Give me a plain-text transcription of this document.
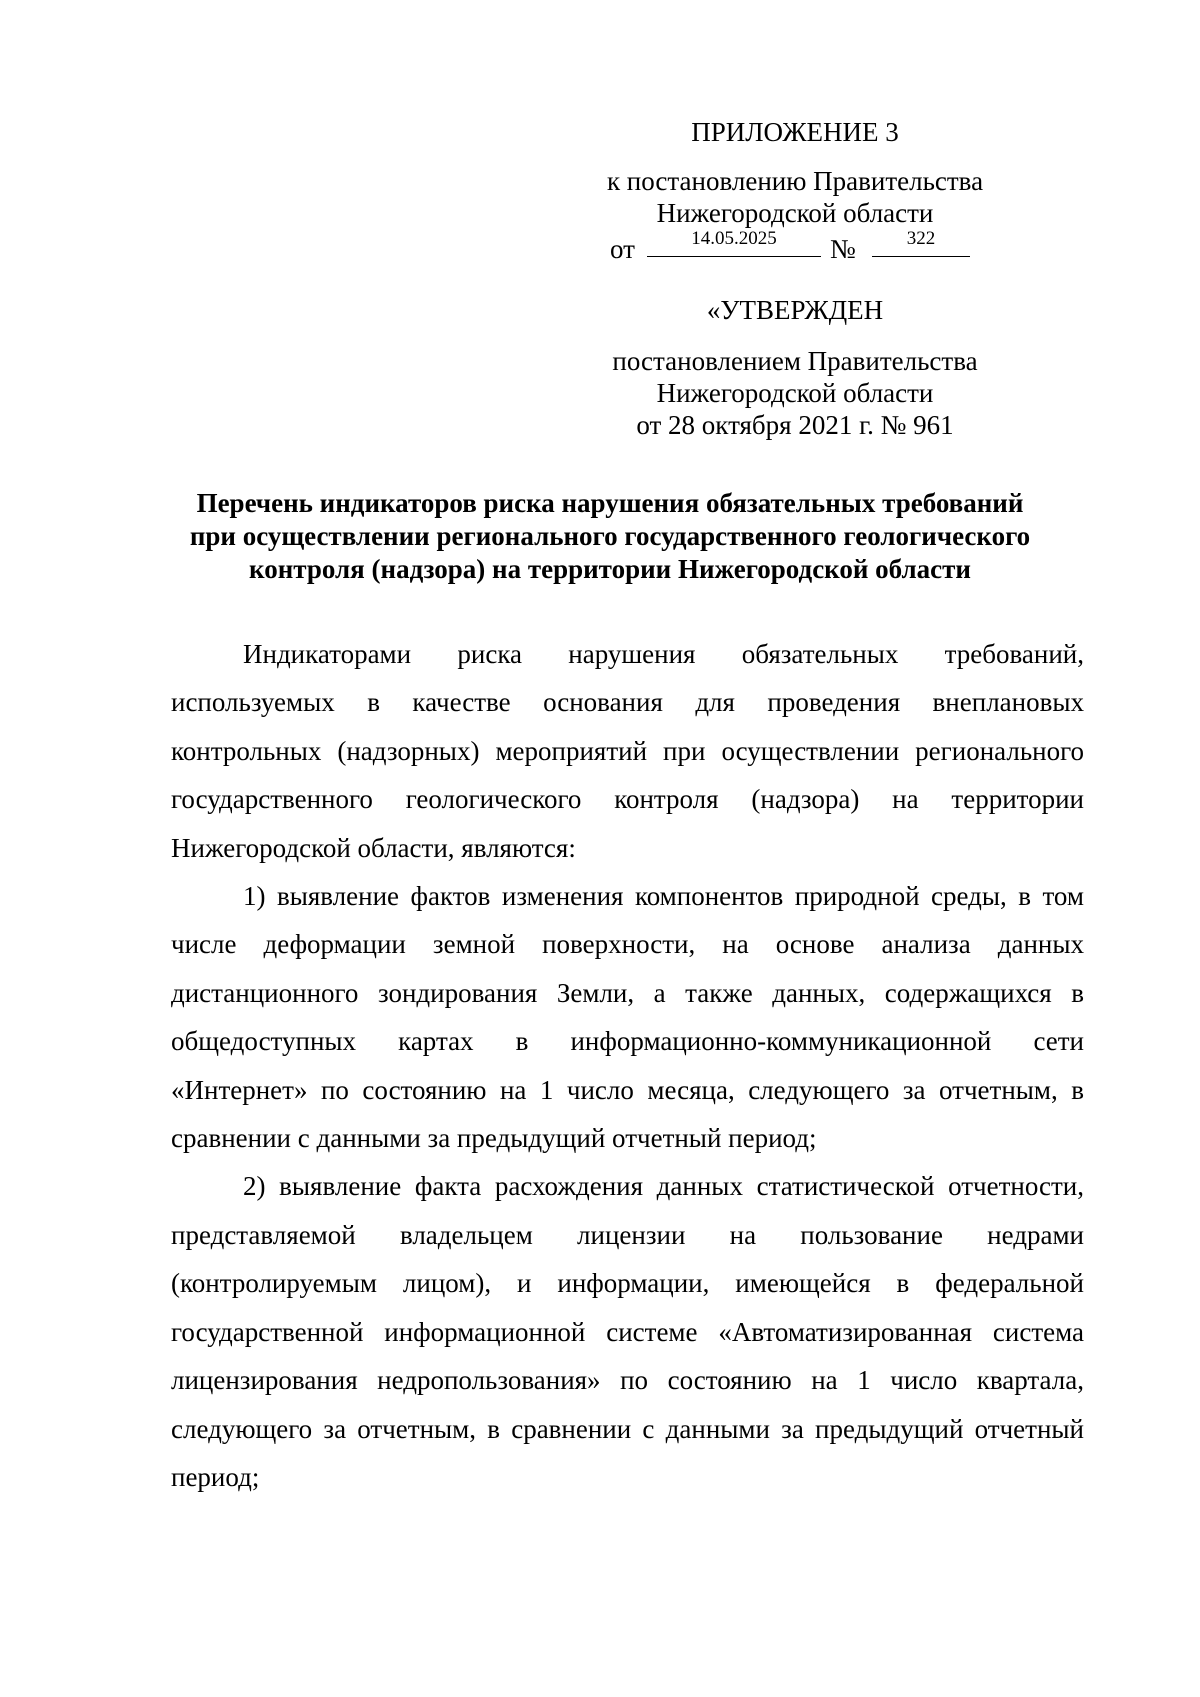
ПРИЛОЖЕНИЕ 3
к постановлению Правительства
Нижегородской области
от	14.05.2025	№	322
«УТВЕРЖДЕН
постановлением Правительства
Нижегородской области
от 28 октября 2021 г. № 961
Перечень индикаторов риска нарушения обязательных требований
при осуществлении регионального государственного геологического
контроля (надзора) на территории Нижегородской области

Индикаторами риска нарушения обязательных требований, используемых в качестве основания для проведения внеплановых контрольных (надзорных) мероприятий при осуществлении регионального государственного геологического контроля (надзора) на территории Нижегородской области, являются:

1) выявление фактов изменения компонентов природной среды, в том числе деформации земной поверхности, на основе анализа данных дистанционного зондирования Земли, а также данных, содержащихся в общедоступных картах в информационно-коммуникационной сети «Интернет» по состоянию на 1 число месяца, следующего за отчетным, в сравнении с данными за предыдущий отчетный период;

2) выявление факта расхождения данных статистической отчетности, представляемой владельцем лицензии на пользование недрами (контролируемым лицом), и информации, имеющейся в федеральной государственной информационной системе «Автоматизированная система лицензирования недропользования» по состоянию на 1 число квартала, следующего за отчетным, в сравнении с данными за предыдущий отчетный период;
